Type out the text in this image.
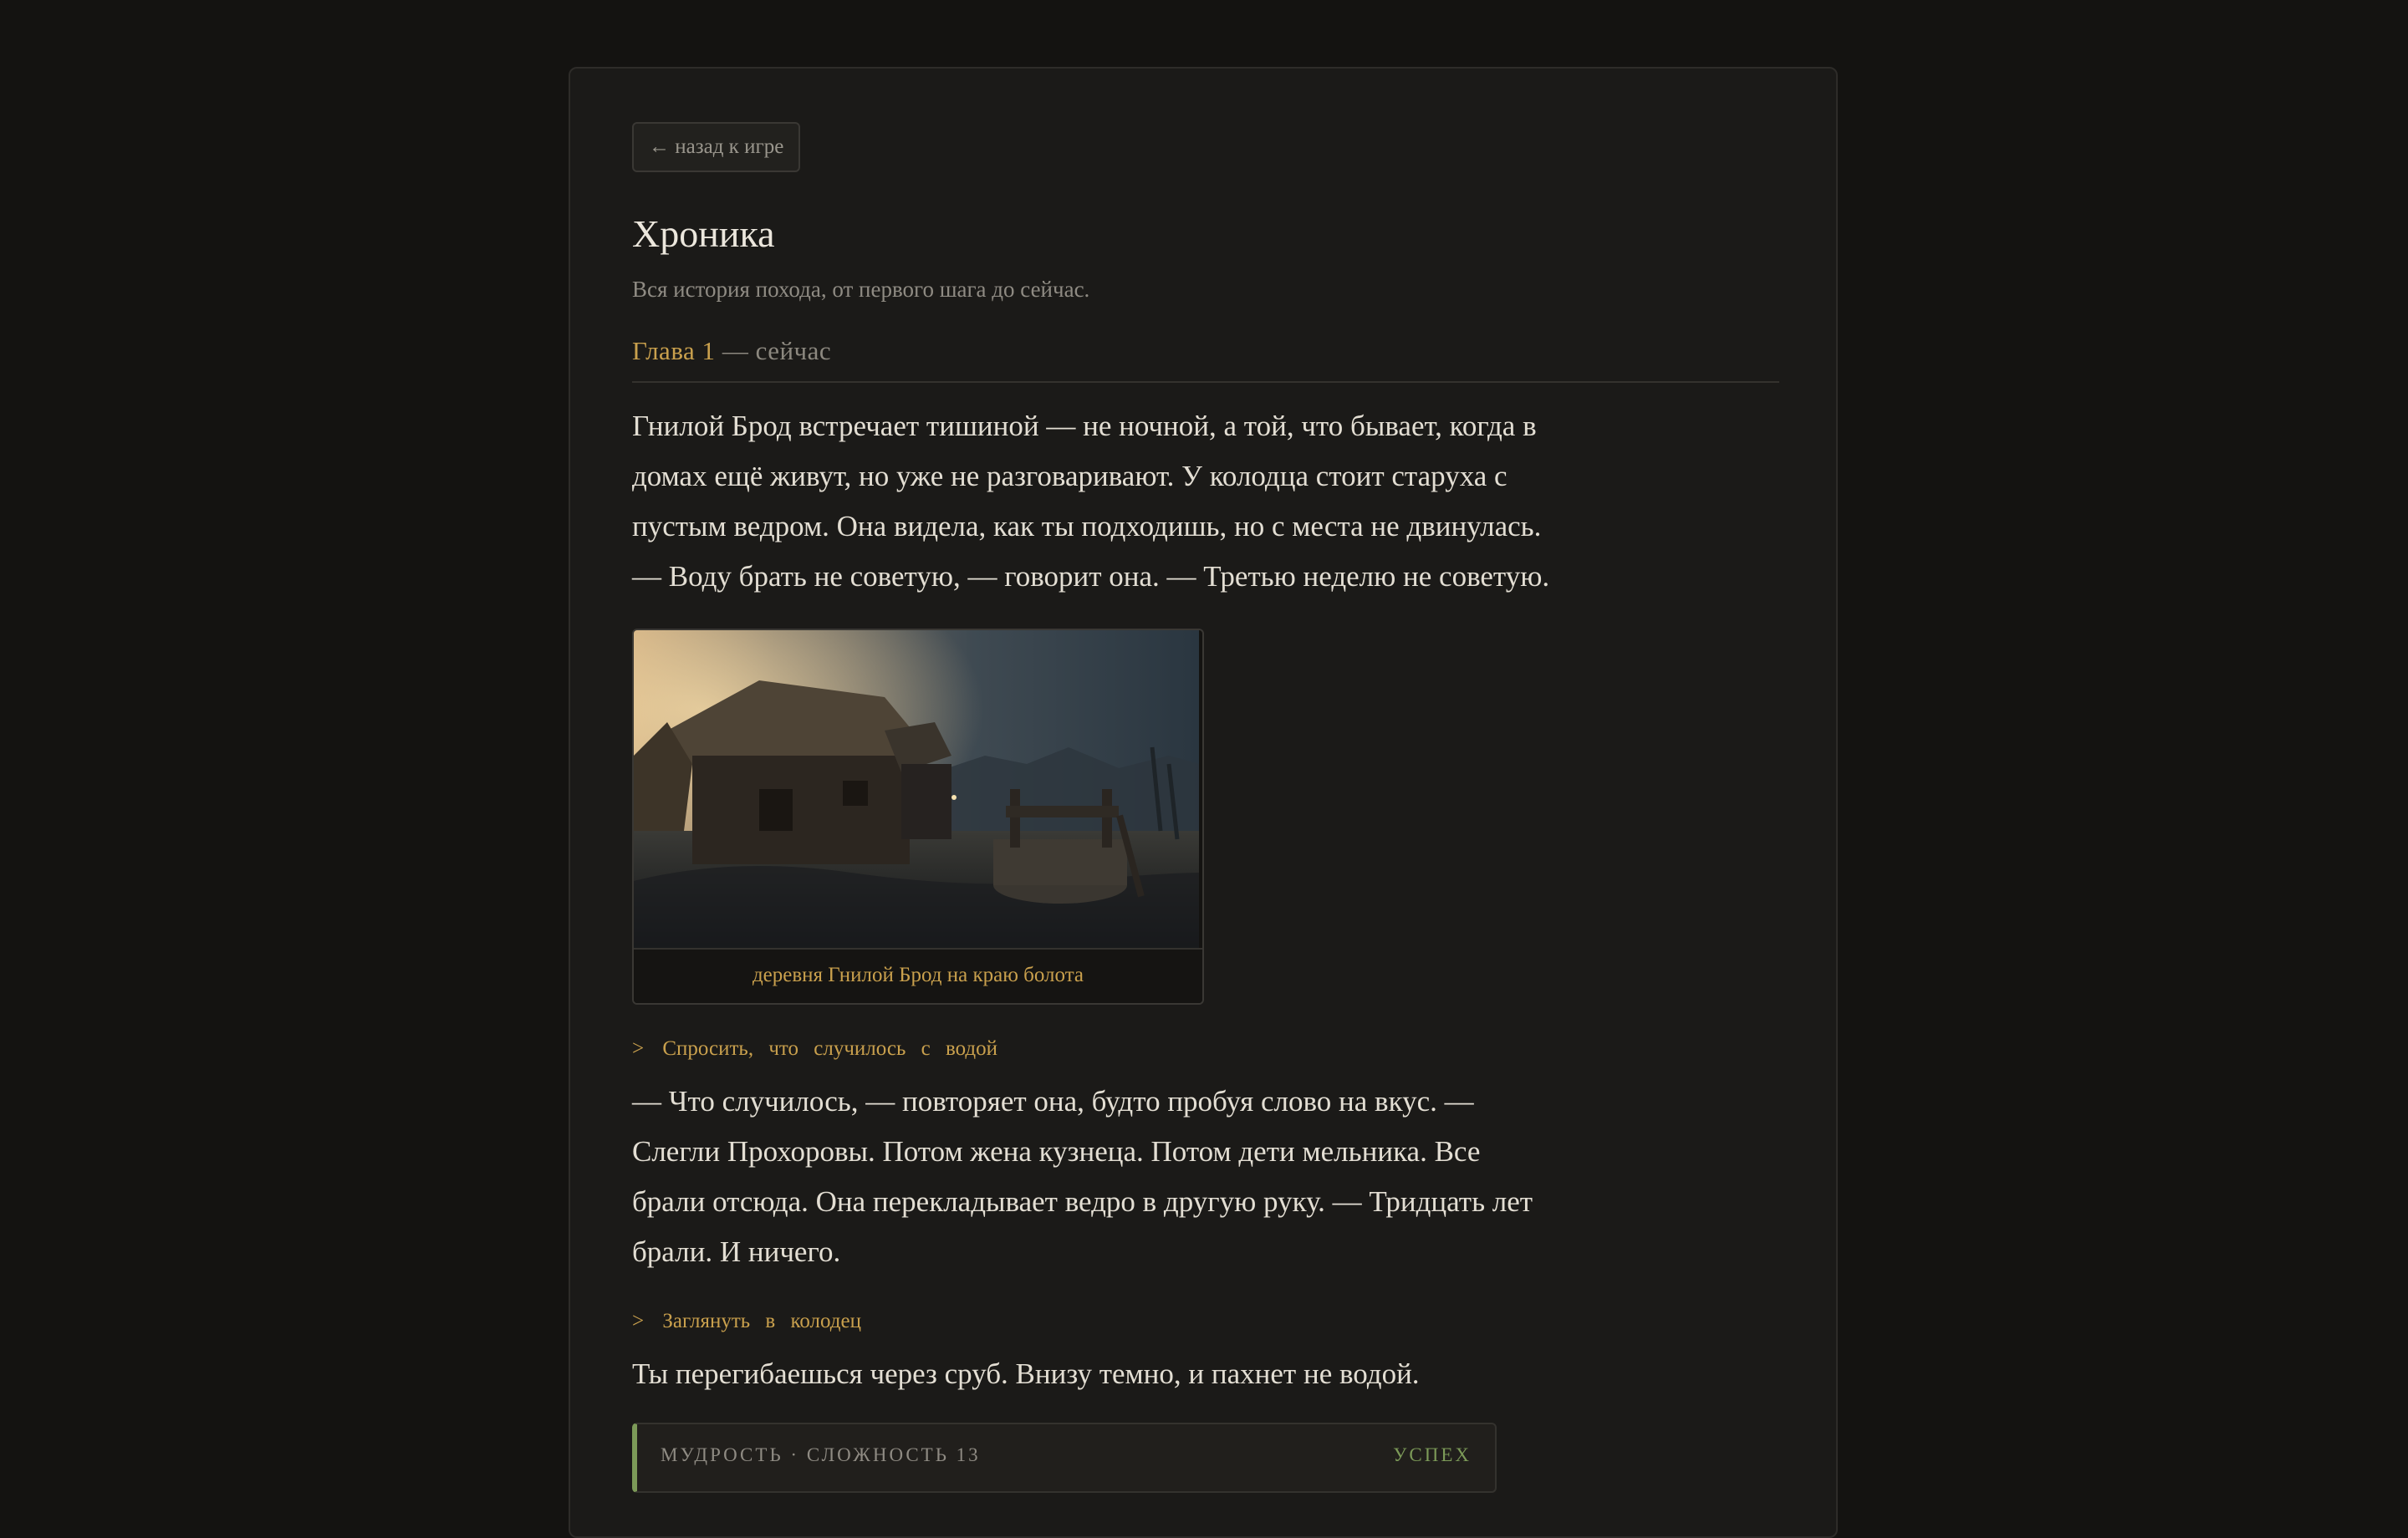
← назад к игре
Хроника
Вся история похода, от первого шага до сейчас.
Глава 1 — сейчас

Гнилой Брод встречает тишиной — не ночной, а той, что бывает, когда в

домах ещё живут, но уже не разговаривают. У колодца стоит старуха с

пустым ведром. Она видела, как ты подходишь, но с места не двинулась.

— Воду брать не советую, — говорит она. — Третью неделю не советую.

деревня Гнилой Брод на краю болота
> Спросить, что случилось с водой

— Что случилось, — повторяет она, будто пробуя слово на вкус. —

Слегли Прохоровы. Потом жена кузнеца. Потом дети мельника. Все

брали отсюда. Она перекладывает ведро в другую руку. — Тридцать лет

брали. И ничего.

> Заглянуть в колодец

Ты перегибаешься через сруб. Внизу темно, и пахнет не водой.

МУДРОСТЬ · СЛОЖНОСТЬ 13	УСПЕХ
